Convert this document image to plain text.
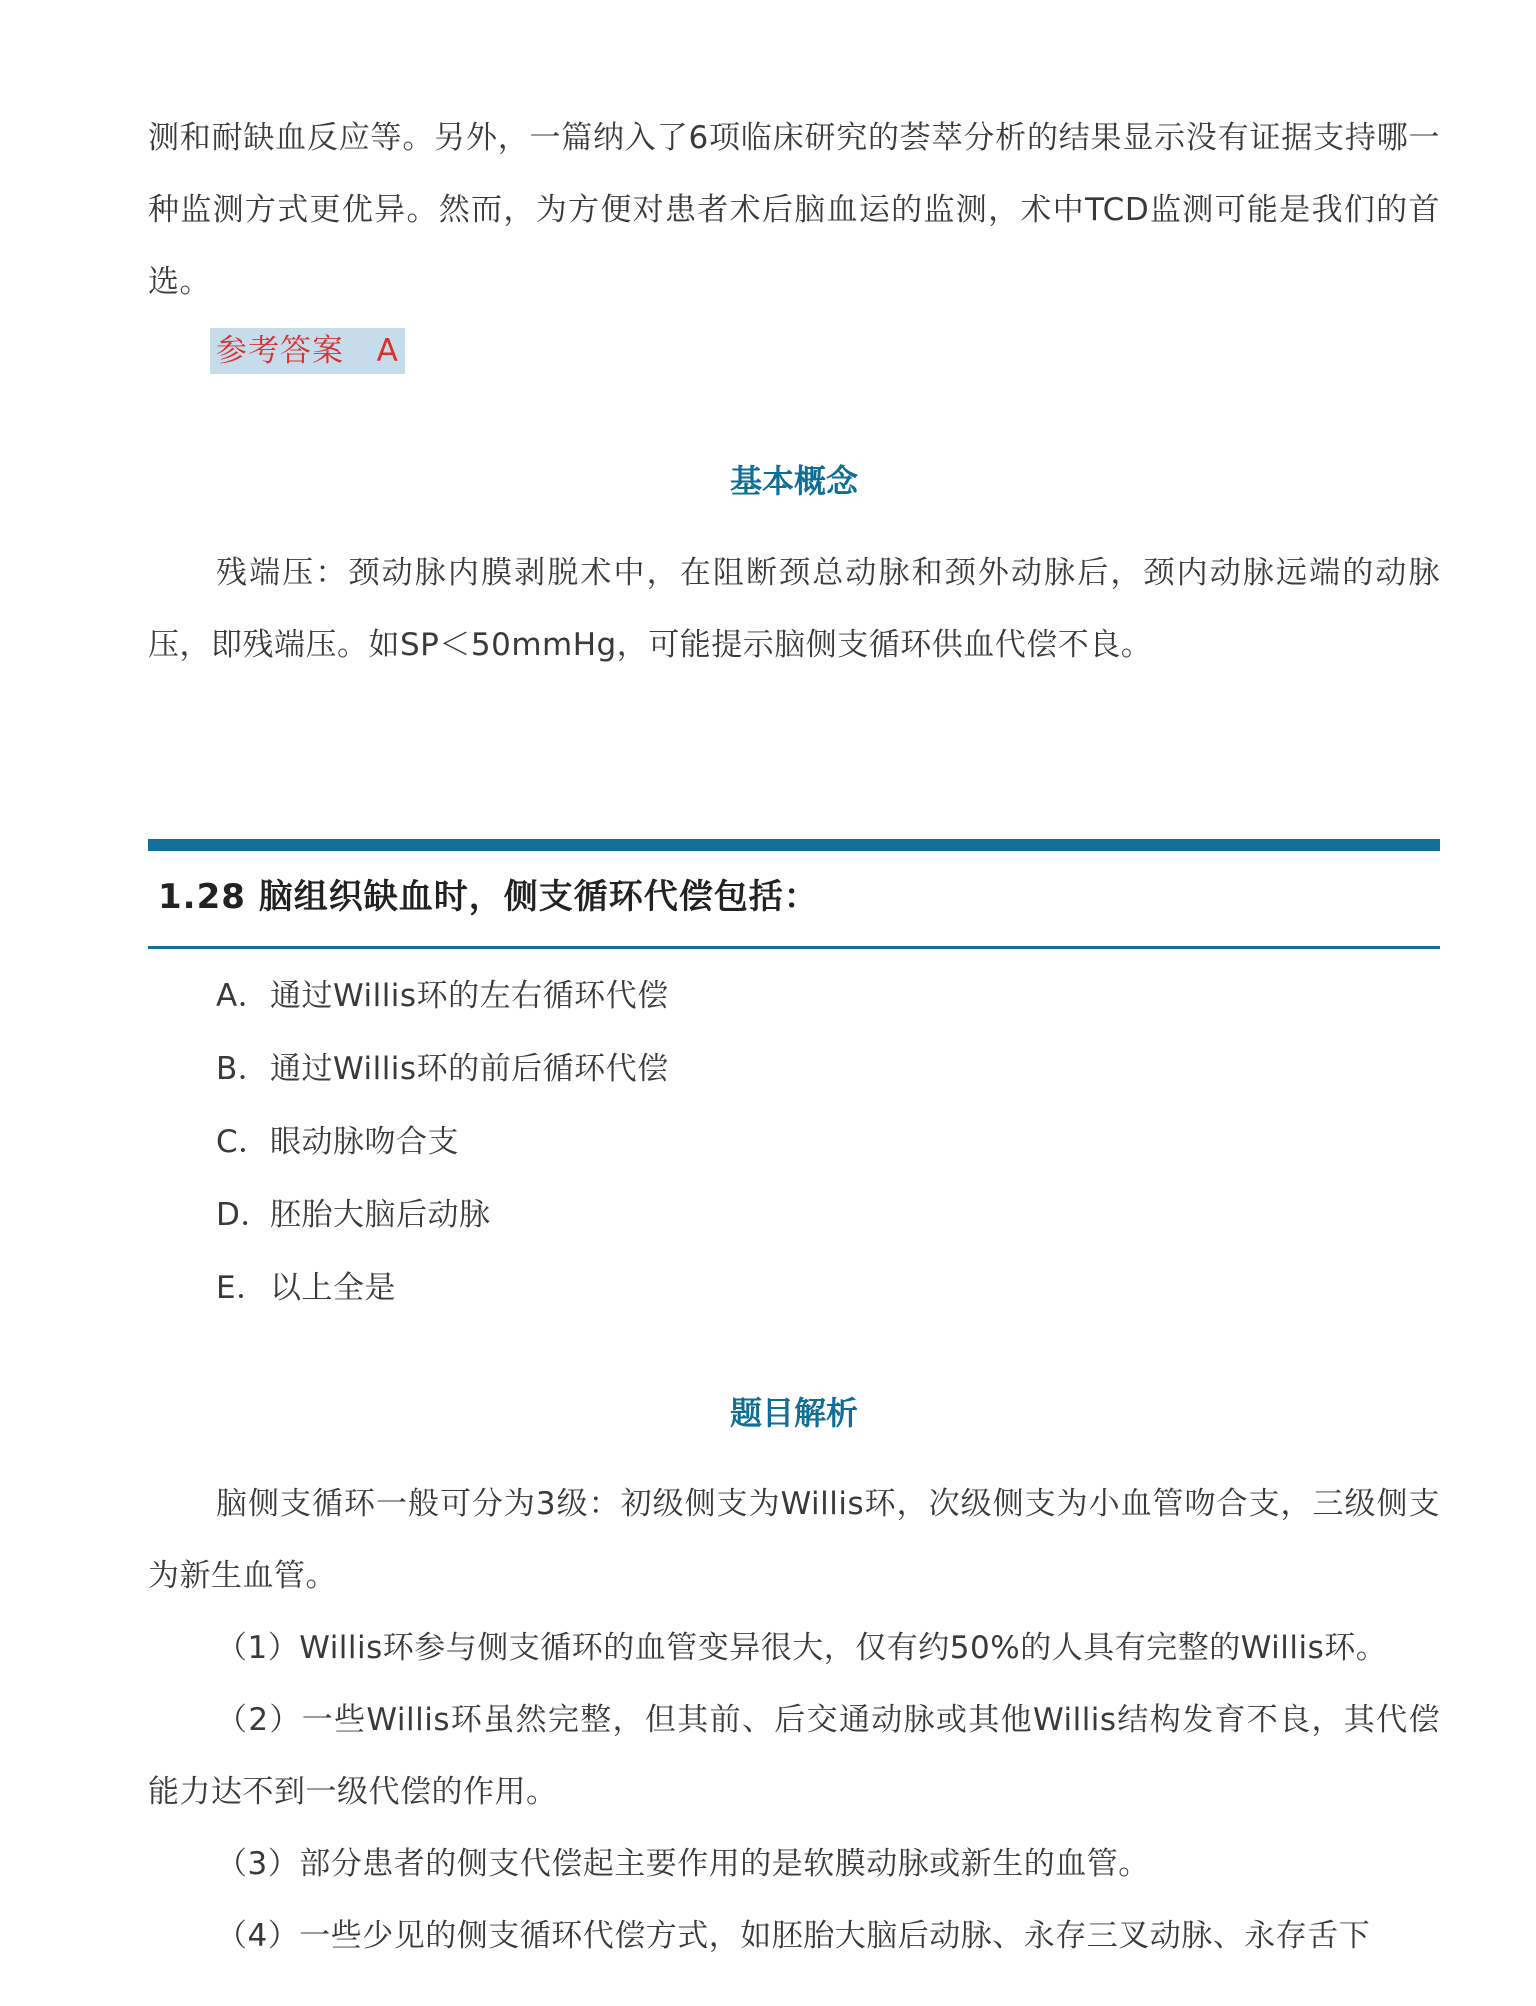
测和耐缺血反应等。另外，一篇纳入了6项临床研究的荟萃分析的结果显示没有证据支持哪一种监测方式更优异。然而，为方便对患者术后脑血运的监测，术中TCD监测可能是我们的首选。

参考答案 A
基本概念

残端压：颈动脉内膜剥脱术中，在阻断颈总动脉和颈外动脉后，颈内动脉远端的动脉压，即残端压。如SP＜50mmHg，可能提示脑侧支循环供血代偿不良。

1.28 脑组织缺血时，侧支循环代偿包括：
A．通过Willis环的左右循环代偿
B．通过Willis环的前后循环代偿
C．眼动脉吻合支
D．胚胎大脑后动脉
E．以上全是
题目解析

脑侧支循环一般可分为3级：初级侧支为Willis环，次级侧支为小血管吻合支，三级侧支为新生血管。

（1）Willis环参与侧支循环的血管变异很大，仅有约50%的人具有完整的Willis环。

（2）一些Willis环虽然完整，但其前、后交通动脉或其他Willis结构发育不良，其代偿能力达不到一级代偿的作用。

（3）部分患者的侧支代偿起主要作用的是软膜动脉或新生的血管。

（4）一些少见的侧支循环代偿方式，如胚胎大脑后动脉、永存三叉动脉、永存舌下
